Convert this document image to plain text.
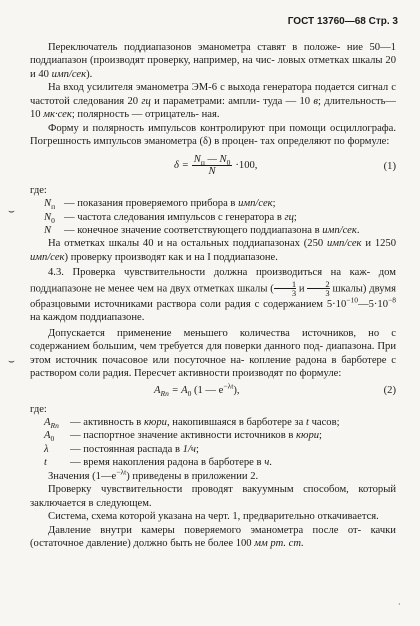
ГОСТ 13760—68 Стр. 3
⌣
⌣
·

Переключатель поддиапазонов эманометра ставят в положе- ние 50—1 поддиапазон (производят проверку, например, на чис- ловых отметках шкалы 20 и 40 имп/сек).

На вход усилителя эманометра ЭМ-6 с выхода генератора подается сигнал с частотой следования 20 гц и параметрами: ампли- туда — 10 в; длительность—10 мк·сек; полярность — отрицатель- ная.

Форму и полярность импульсов контролируют при помощи осциллографа. Погрешность импульсов эманометра (δ) в процен- тах определяют по формуле:

$\delta = \frac{N_п — N_0}{N} \cdot 100$,	(1)

где:

$N_п$ — показания проверяемого прибора в имп/сек;
$N_0$ — частота следования импульсов с генератора в гц;
N	— конечное значение соответствующего поддиапазона в имп/сек.

На отметках шкалы 40 и на остальных поддиапазонах (250 имп/сек и 1250 имп/сек) проверку производят как и на I поддиапазоне.

4.3. Проверка чувствительности должна производиться на каж- дом поддиапазоне не менее чем на двух отметках шкалы ( $\frac{1}{3}$ и $\frac{2}{3}$ шкалы) двумя образцовыми источниками раствора соли радия с содержанием $5\cdot 10^{-10}—5\cdot 10^{-8}$ на каждом поддиапазоне.

Допускается применение меньшего количества источников, но с содержанием большим, чем требуется для поверки данного под- диапазона. При этом источник почасовое или посуточное на- копление радона в барботере с раствором соли радия. Пересчет активности производят по формуле:

$A_{Rn} = A_0$ (1 — $e^{-\lambda t}$),	(2)

где:

$A_{Rn}$	— активность в кюри, накопившаяся в барботере за t часов;
$A_0$	— паспортное значение активности источников в кюри;
λ	— постоянная распада в 1/ч;
t	— время накопления радона в барботере в ч.

Значения $(1—e^{-\lambda t})$ приведены в приложении 2.

Проверку чувствительности проводят вакуумным способом, который заключается в следующем.

Система, схема которой указана на черт. 1, предварительно откачивается.

Давление внутри камеры поверяемого эманометра после от- качки (остаточное давление) должно быть не более 100 мм рт. ст.
